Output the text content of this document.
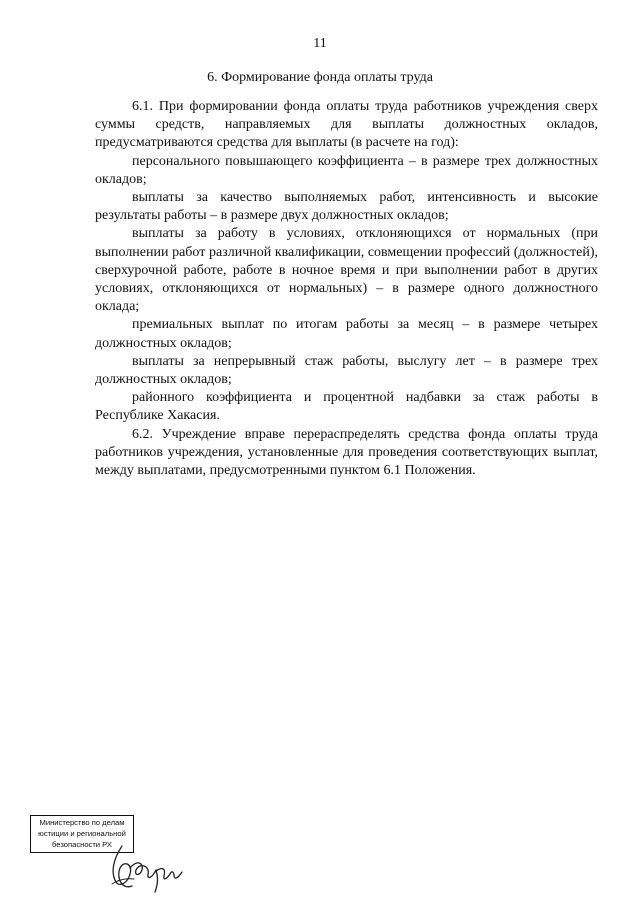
11
6. Формирование фонда оплаты труда

6.1. При формировании фонда оплаты труда работников учреждения сверх суммы средств, направляемых для выплаты должностных окладов, предусматриваются средства для выплаты (в расчете на год):

персонального повышающего коэффициента – в размере трех должностных окладов;

выплаты за качество выполняемых работ, интенсивность и высокие результаты работы – в размере двух должностных окладов;

выплаты за работу в условиях, отклоняющихся от нормальных (при выполнении работ различной квалификации, совмещении профессий (должностей), сверхурочной работе, работе в ночное время и при выполнении работ в других условиях, отклоняющихся от нормальных) – в размере одного должностного оклада;

премиальных выплат по итогам работы за месяц – в размере четырех должностных окладов;

выплаты за непрерывный стаж работы, выслугу лет – в размере трех должностных окладов;

районного коэффициента и процентной надбавки за стаж работы в Республике Хакасия.

6.2. Учреждение вправе перераспределять средства фонда оплаты труда работников учреждения, установленные для проведения соответствующих выплат, между выплатами, предусмотренными пунктом 6.1 Положения.

Министерство по делам
юстиции и региональной
безопасности РХ
